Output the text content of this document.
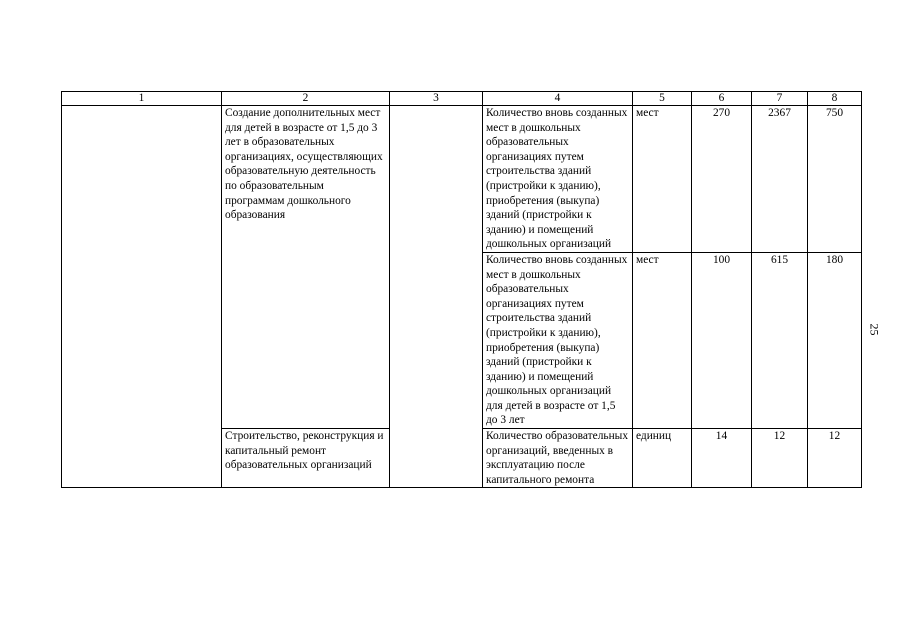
1	2	3	4	5	6	7	8
	Создание дополнительных мест для детей в возрасте от 1,5 до 3 лет в образовательных организациях, осуществляющих образовательную деятельность по образовательным программам дошкольного образования		Количество вновь созданных мест в дошкольных образовательных организациях путем строительства зданий (пристройки к зданию), приобретения (выкупа) зданий (пристройки к зданию) и помещений дошкольных организаций	мест	270	2367	750
			Количество вновь созданных мест в дошкольных образовательных организациях путем строительства зданий (пристройки к зданию), приобретения (выкупа) зданий (пристройки к зданию) и помещений дошкольных организаций для детей в возрасте от 1,5 до 3 лет	мест	100	615	180
	Строительство, реконструкция и капитальный ремонт образовательных организаций		Количество образовательных организаций, введенных в эксплуатацию после капитального ремонта	единиц	14	12	12
25
